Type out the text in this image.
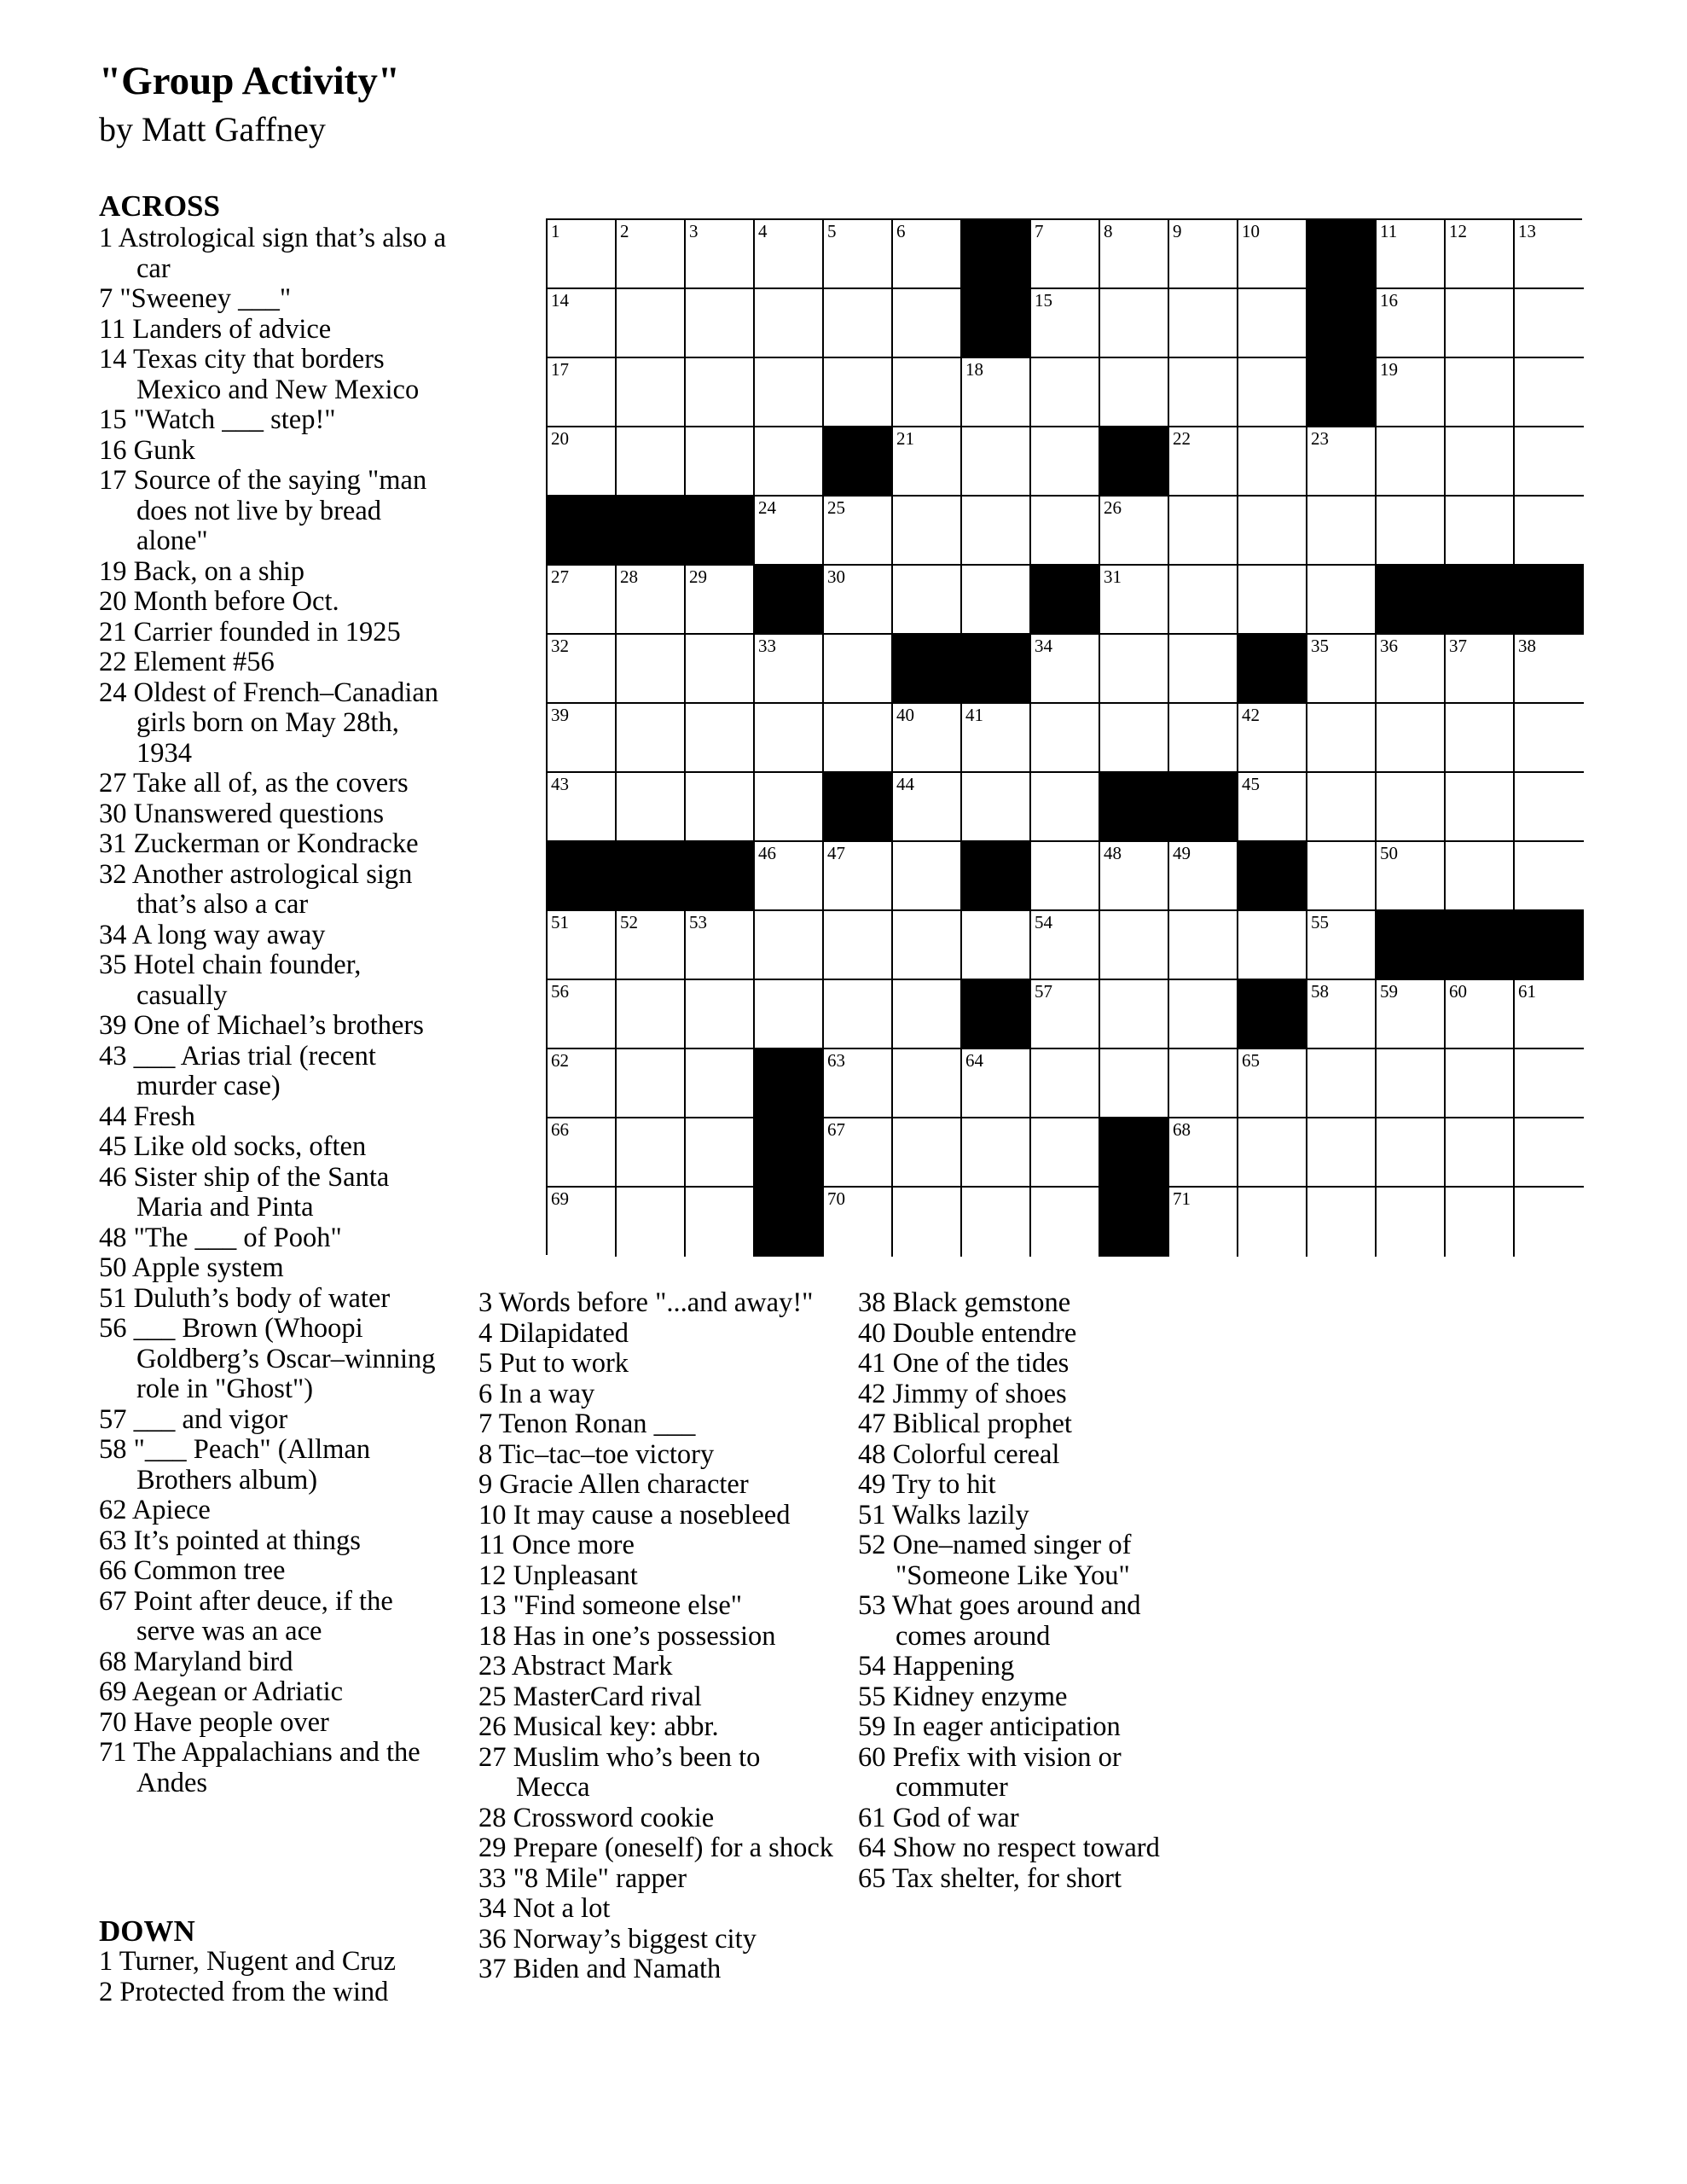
"Group Activity"
by Matt Gaffney
ACROSS
1 Astrological sign that’s also a car
7 "Sweeney ___"
11 Landers of advice
14 Texas city that borders Mexico and New Mexico
15 "Watch ___ step!"
16 Gunk
17 Source of the saying "man does not live by bread alone"
19 Back, on a ship
20 Month before Oct.
21 Carrier founded in 1925
22 Element #56
24 Oldest of French–Canadian girls born on May 28th, 1934
27 Take all of, as the covers
30 Unanswered questions
31 Zuckerman or Kondracke
32 Another astrological sign that’s also a car
34 A long way away
35 Hotel chain founder, casually
39 One of Michael’s brothers
43 ___ Arias trial (recent murder case)
44 Fresh
45 Like old socks, often
46 Sister ship of the Santa Maria and Pinta
48 "The ___ of Pooh"
50 Apple system
51 Duluth’s body of water
56 ___ Brown (Whoopi Goldberg’s Oscar–winning role in "Ghost")
57 ___ and vigor
58 "___ Peach" (Allman Brothers album)
62 Apiece
63 It’s pointed at things
66 Common tree
67 Point after deuce, if the serve was an ace
68 Maryland bird
69 Aegean or Adriatic
70 Have people over
71 The Appalachians and the Andes
DOWN
1 Turner, Nugent and Cruz
2 Protected from the wind
3 Words before "...and away!"
4 Dilapidated
5 Put to work
6 In a way
7 Tenon Ronan ___
8 Tic–tac–toe victory
9 Gracie Allen character
10 It may cause a nosebleed
11 Once more
12 Unpleasant
13 "Find someone else"
18 Has in one’s possession
23 Abstract Mark
25 MasterCard rival
26 Musical key: abbr.
27 Muslim who’s been to Mecca
28 Crossword cookie
29 Prepare (oneself) for a shock
33 "8 Mile" rapper
34 Not a lot
36 Norway’s biggest city
37 Biden and Namath
38 Black gemstone
40 Double entendre
41 One of the tides
42 Jimmy of shoes
47 Biblical prophet
48 Colorful cereal
49 Try to hit
51 Walks lazily
52 One–named singer of "Someone Like You"
53 What goes around and comes around
54 Happening
55 Kidney enzyme
59 In eager anticipation
60 Prefix with vision or commuter
61 God of war
64 Show no respect toward
65 Tax shelter, for short
1	2	3	4	5	6	7	8	9	10	11	12	13
14	15	16
17	18	19
20	21	22	23
24	25	26
27	28	29	30	31
32	33	34	35	36	37	38
39	40	41	42
43	44	45
46	47	48	49	50
51	52	53	54	55
56	57	58	59	60	61
62	63	64	65
66	67	68
69	70	71
